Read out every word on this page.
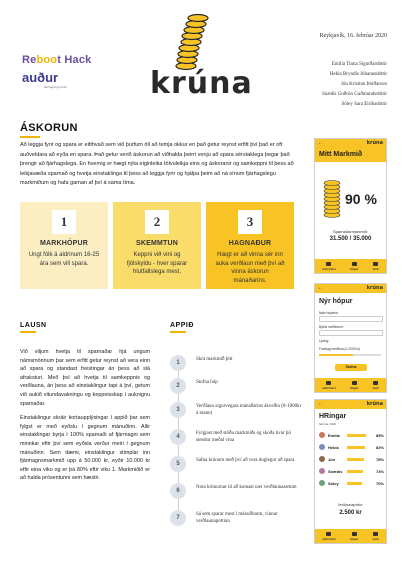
Reboot Hack
auður
fjárhagslegt frelsi	krúna
Reykjavík, 16. febrúar 2020
Emilía Tinna Sigurðardóttir
Hekla Bryndís Jóhannsdóttir
Jón Kristinn Þórðarson
Snædís Guðrún Guðmundsdóttir
Sóley Sara Eiríksdóttir
ÁSKORUN
Að leggja fyrir og spara er eitthvað sem við þurfum öll að temja okkur en það getur reynst erfitt því það er oft auðveldara að eyða en spara. Það getur verið áskorun að viðhalda þeirri venju að spara sérstaklega þegar það þrengir að fjárhagslega. En hvernig er hægt nýta eiginleika tölvuleikja eins og áskoranir og samkeppni til þess að leikjavæða sparnað og hvetja einstaklinga til þess að leggja fyrir og hjálpa þeim að ná sínum fjárhagslegu markmiðum og hafa gaman af því á sama tíma.
1
MARKHÓPUR
Ungt fólk á aldrinum 16-25 ára sem vill spara.
2
SKEMMTUN
Keppni við vini og fjölskyldu - hver sparar hlutfallslega mest.
3
HAGNAÐUR
Hægt er að vinna sér inn auka verðlaun með því að vinna áskorun mánaðarins.
LAUSN

Við viljum hvetja til sparnaðar hjá ungum námsmönnum þar sem erfitt getur reynst að vera einn að spara og standast freistingar án þess að slá afraksturi. Með því að hvetja til samkeppnis og verðlauna, án þess að einstaklingur tapi á því, getum við aukið vitundavakningu og keppnisskap í auknignu sparnaðar.

Einstaklingur skráir kortaupplýsingar í appið þar sem fylgst er með eyðslu í gegnum mánuðinn. Allir einstaklingar byrja í 100% sparnaði af fjármagni sem minnkar eftir því sem eyðsla verður meiri í gegnum mánuðinn. Sem dæmi, einstaklingur stimplar inn fjármagnsmarkmið upp á 50.000 kr, eyðir 10.000 kr eftir eina viku og er þá 80% eftir viku 1. Markmiðið er að halda prósentunni sem hæstri.

APPIÐ
1
Skrá markmið þitt
2
Stofna hóp
3
Verðlaun sigurvegara mánaðarins ákveðin (0-1000kr á mann)
4
Fylgjast með stöðu markmiðs og skoða hvar þú stendur meðal vina
5
Safna krúnum með því að vera duglegur að spara
6
Nota krúnurnar til að komast nær verðlaunasætum
7
Sá sem sparar mest í mánuðinum, vinnur verðlaunapottinn
←	krúna
Mitt Markmið
90 %
Sparnaðarmarkmið:
31.500 / 35.000
mitt frelsi	hópar	vinir
←	krúna
Nýr hópur
Nafn hópsins:
Bjóða meðlimum:
Lýsing:
Framlag meðlima (0-1000 kr)
Stofna
mitt frelsi	hópar	vinir
←	krúna
HRingar
febrúar 2020
Emilía	85%
Hekla	82%
Jón	78%
Snædís	74%
Sóley	70%
Verðlaunapottur:
2.500 kr
mitt frelsi	hópar	vinir
